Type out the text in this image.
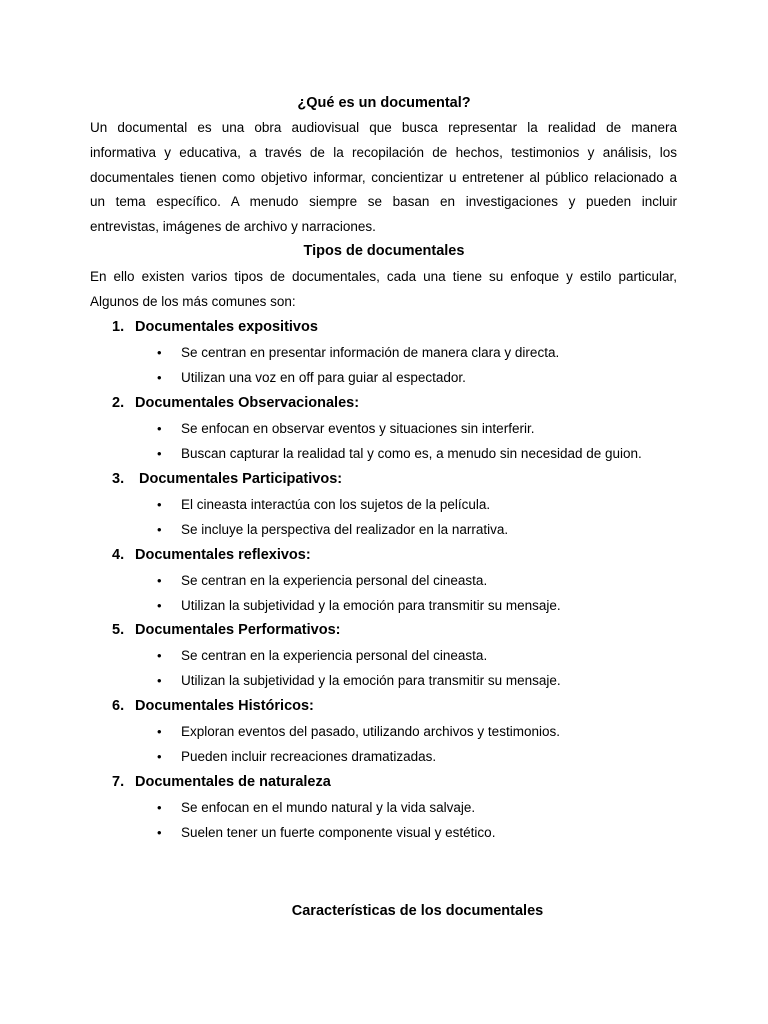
¿Qué es un documental?
Un documental es una obra audiovisual que busca representar la realidad de manera
informativa y educativa, a través de la recopilación de hechos, testimonios y análisis, los
documentales tienen como objetivo informar, concientizar u entretener al público relacionado a
un tema específico. A menudo siempre se basan en investigaciones y pueden incluir
entrevistas, imágenes de archivo y narraciones.
Tipos de documentales
En ello existen varios tipos de documentales, cada una tiene su enfoque y estilo particular,
Algunos de los más comunes son:
1. Documentales expositivos
• Se centran en presentar información de manera clara y directa.
• Utilizan una voz en off para guiar al espectador.
2. Documentales Observacionales:
• Se enfocan en observar eventos y situaciones sin interferir.
• Buscan capturar la realidad tal y como es, a menudo sin necesidad de guion.
3. Documentales Participativos:
• El cineasta interactúa con los sujetos de la película.
• Se incluye la perspectiva del realizador en la narrativa.
4. Documentales reflexivos:
• Se centran en la experiencia personal del cineasta.
• Utilizan la subjetividad y la emoción para transmitir su mensaje.
5. Documentales Performativos:
• Se centran en la experiencia personal del cineasta.
• Utilizan la subjetividad y la emoción para transmitir su mensaje.
6. Documentales Históricos:
• Exploran eventos del pasado, utilizando archivos y testimonios.
• Pueden incluir recreaciones dramatizadas.
7. Documentales de naturaleza
• Se enfocan en el mundo natural y la vida salvaje.
• Suelen tener un fuerte componente visual y estético.
Características de los documentales
